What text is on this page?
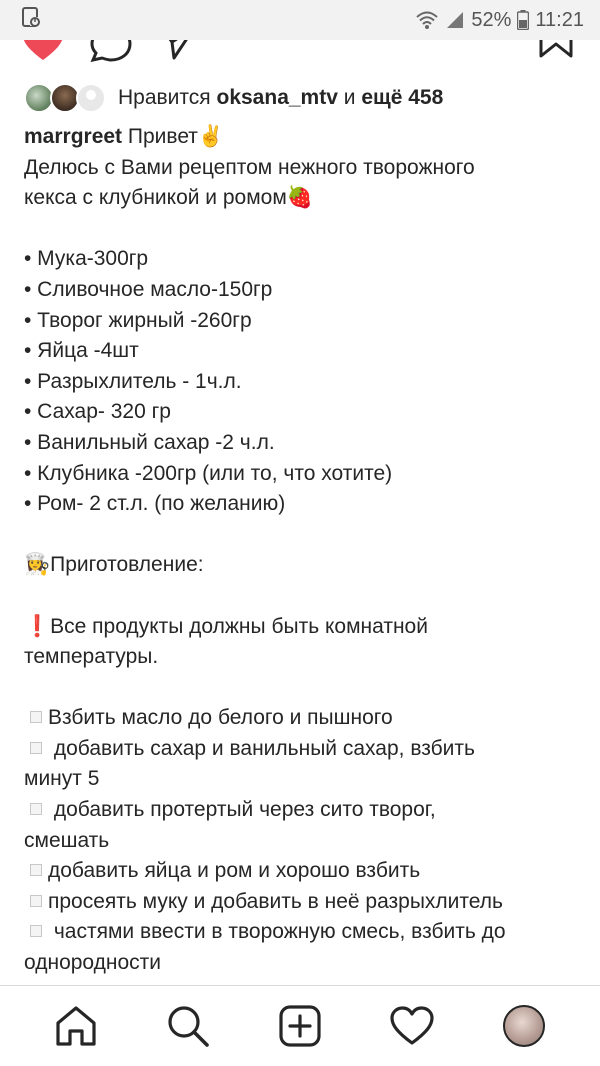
52% 11:21
Нравится oksana_mtv и ещё 458
marrgreet Привет✌️
Делюсь с Вами рецептом нежного творожного
кекса с клубникой и ромом🍓
• Мука-300гр
• Сливочное масло-150гр
• Творог жирный -260гр
• Яйца -4шт
• Разрыхлитель - 1ч.л.
• Сахар- 320 гр
• Ванильный сахар -2 ч.л.
• Клубника -200гр (или то, что хотите)
• Ром- 2 ст.л. (по желанию)
👩‍🍳Приготовление:
❗️Все продукты должны быть комнатной
температуры.
Взбить масло до белого и пышного
добавить сахар и ванильный сахар, взбить
минут 5
добавить протертый через сито творог,
смешать
добавить яйца и ром и хорошо взбить
просеять муку и добавить в неё разрыхлитель
частями ввести в творожную смесь, взбить до
однородности
